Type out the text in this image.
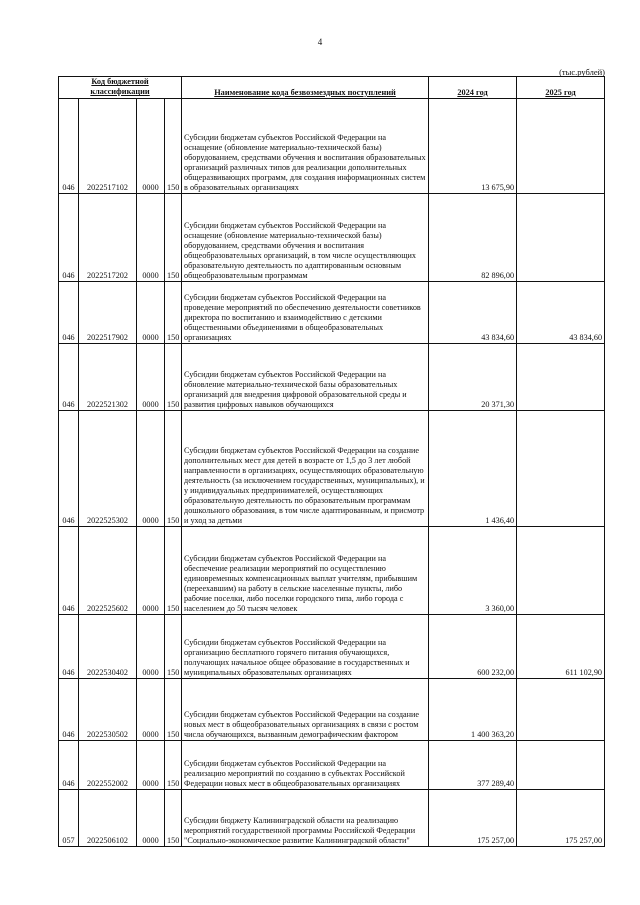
4
(тыс.рублей)
Код бюджетной классификации				Наименование кода безвозмездных поступлений	2024 год	2025 год
046	2022517102	0000	150	Субсидии бюджетам субъектов Российской Федерации на оснащение (обновление материально-технической базы) оборудованием, средствами обучения и воспитания образовательных организаций различных типов для реализации дополнительных общеразвивающих программ, для создания информационных систем в образовательных организациях	13 675,90	
046	2022517202	0000	150	Субсидии бюджетам субъектов Российской Федерации на оснащение (обновление материально-технической базы) оборудованием, средствами обучения и воспитания общеобразовательных организаций, в том числе осуществляющих образовательную деятельность по адаптированным основным общеобразовательным программам	82 896,00	
046	2022517902	0000	150	Субсидии бюджетам субъектов Российской Федерации на проведение мероприятий по обеспечению деятельности советников директора по воспитанию и взаимодействию с детскими общественными объединениями в общеобразовательных организациях	43 834,60	43 834,60
046	2022521302	0000	150	Субсидии бюджетам субъектов Российской Федерации на обновление материально-технической базы образовательных организаций для внедрения цифровой образовательной среды и развития цифровых навыков обучающихся	20 371,30	
046	2022525302	0000	150	Субсидии бюджетам субъектов Российской Федерации на создание дополнительных мест для детей в возрасте от 1,5 до 3 лет любой направленности в организациях, осуществляющих образовательную деятельность (за исключением государственных, муниципальных), и у индивидуальных предпринимателей, осуществляющих образовательную деятельность по образовательным программам дошкольного образования, в том числе адаптированным, и присмотр и уход за детьми	1 436,40	
046	2022525602	0000	150	Субсидии бюджетам субъектов Российской Федерации на обеспечение реализации мероприятий по осуществлению единовременных компенсационных выплат учителям, прибывшим (переехавшим) на работу в сельские населенные пункты, либо рабочие поселки, либо поселки городского типа, либо города с населением до 50 тысяч человек	3 360,00	
046	2022530402	0000	150	Субсидии бюджетам субъектов Российской Федерации на организацию бесплатного горячего питания обучающихся, получающих начальное общее образование в государственных и муниципальных образовательных организациях	600 232,00	611 102,90
046	2022530502	0000	150	Субсидии бюджетам субъектов Российской Федерации на создание новых мест в общеобразовательных организациях в связи с ростом числа обучающихся, вызванным демографическим фактором	1 400 363,20	
046	2022552002	0000	150	Субсидии бюджетам субъектов Российской Федерации на реализацию мероприятий по созданию в субъектах Российской Федерации новых мест в общеобразовательных организациях	377 289,40	
057	2022506102	0000	150	Субсидии бюджету Калининградской области на реализацию мероприятий государственной программы Российской Федерации "Социально-экономическое развитие Калининградской области"	175 257,00	175 257,00
